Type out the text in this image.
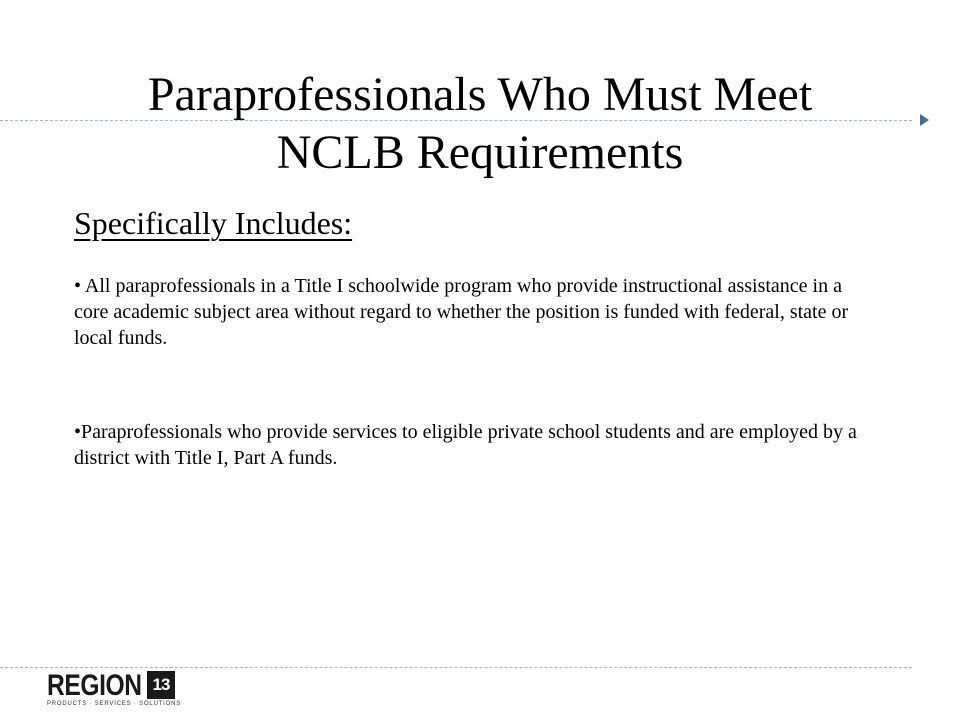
Paraprofessionals Who Must Meet
NCLB Requirements
Specifically Includes:

• All paraprofessionals in a Title I schoolwide program who provide instructional assistance in a core academic subject area without regard to whether the position is funded with federal, state or local funds.

•Paraprofessionals who provide services to eligible private school students and are employed by a district with Title I, Part A funds.

REGION 13
PRODUCTS · SERVICES · SOLUTIONS
